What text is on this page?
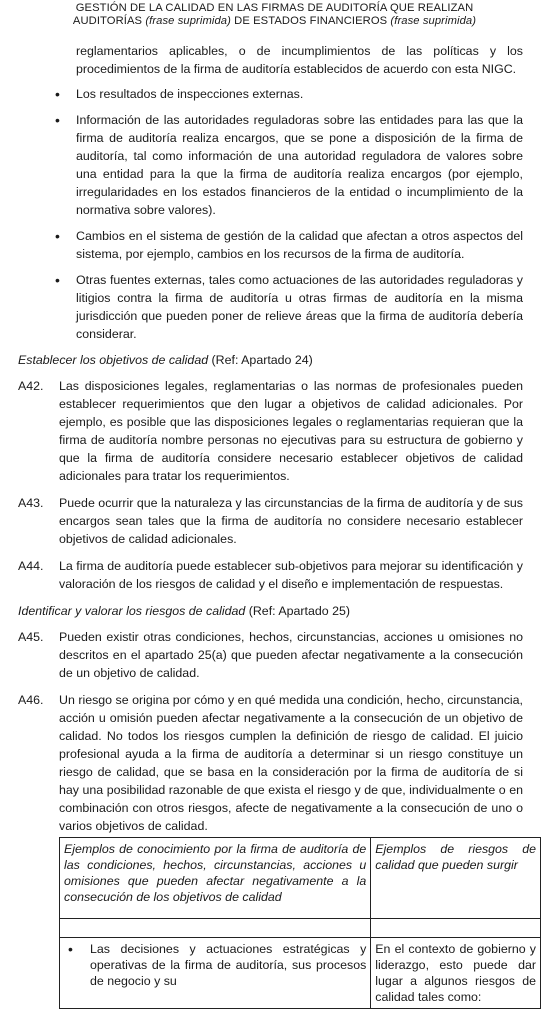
GESTIÓN DE LA CALIDAD EN LAS FIRMAS DE AUDITORÍA QUE REALIZAN
AUDITORÍAS (frase suprimida) DE ESTADOS FINANCIEROS (frase suprimida)
reglamentarios aplicables, o de incumplimientos de las políticas y los procedimientos de la firma de auditoría establecidos de acuerdo con esta NIGC.
• Los resultados de inspecciones externas.
• Información de las autoridades reguladoras sobre las entidades para las que la firma de auditoría realiza encargos, que se pone a disposición de la firma de auditoría, tal como información de una autoridad reguladora de valores sobre una entidad para la que la firma de auditoría realiza encargos (por ejemplo, irregularidades en los estados financieros de la entidad o incumplimiento de la normativa sobre valores).
• Cambios en el sistema de gestión de la calidad que afectan a otros aspectos del sistema, por ejemplo, cambios en los recursos de la firma de auditoría.
• Otras fuentes externas, tales como actuaciones de las autoridades reguladoras y litigios contra la firma de auditoría u otras firmas de auditoría en la misma jurisdicción que pueden poner de relieve áreas que la firma de auditoría debería considerar.
Establecer los objetivos de calidad (Ref: Apartado 24)
A42.	Las disposiciones legales, reglamentarias o las normas de profesionales pueden establecer requerimientos que den lugar a objetivos de calidad adicionales. Por ejemplo, es posible que las disposiciones legales o reglamentarias requieran que la firma de auditoría nombre personas no ejecutivas para su estructura de gobierno y que la firma de auditoría considere necesario establecer objetivos de calidad adicionales para tratar los requerimientos.
A43.	Puede ocurrir que la naturaleza y las circunstancias de la firma de auditoría y de sus encargos sean tales que la firma de auditoría no considere necesario establecer objetivos de calidad adicionales.
A44.	La firma de auditoría puede establecer sub-objetivos para mejorar su identificación y valoración de los riesgos de calidad y el diseño e implementación de respuestas.
Identificar y valorar los riesgos de calidad (Ref: Apartado 25)
A45.	Pueden existir otras condiciones, hechos, circunstancias, acciones u omisiones no descritos en el apartado 25(a) que pueden afectar negativamente a la consecución de un objetivo de calidad.
A46.	Un riesgo se origina por cómo y en qué medida una condición, hecho, circunstancia, acción u omisión pueden afectar negativamente a la consecución de un objetivo de calidad. No todos los riesgos cumplen la definición de riesgo de calidad. El juicio profesional ayuda a la firma de auditoría a determinar si un riesgo constituye un riesgo de calidad, que se basa en la consideración por la firma de auditoría de si hay una posibilidad razonable de que exista el riesgo y de que, individualmente o en combinación con otros riesgos, afecte de negativamente a la consecución de uno o varios objetivos de calidad.
Ejemplos de conocimiento por la firma de auditoría de las condiciones, hechos, circunstancias, acciones u omisiones que pueden afectar negativamente a la consecución de los objetivos de calidad	Ejemplos de riesgos de calidad que pueden surgir

• Las decisiones y actuaciones estratégicas y operativas de la firma de auditoría, sus procesos de negocio y su	En el contexto de gobierno y liderazgo, esto puede dar lugar a algunos riesgos de calidad tales como:
